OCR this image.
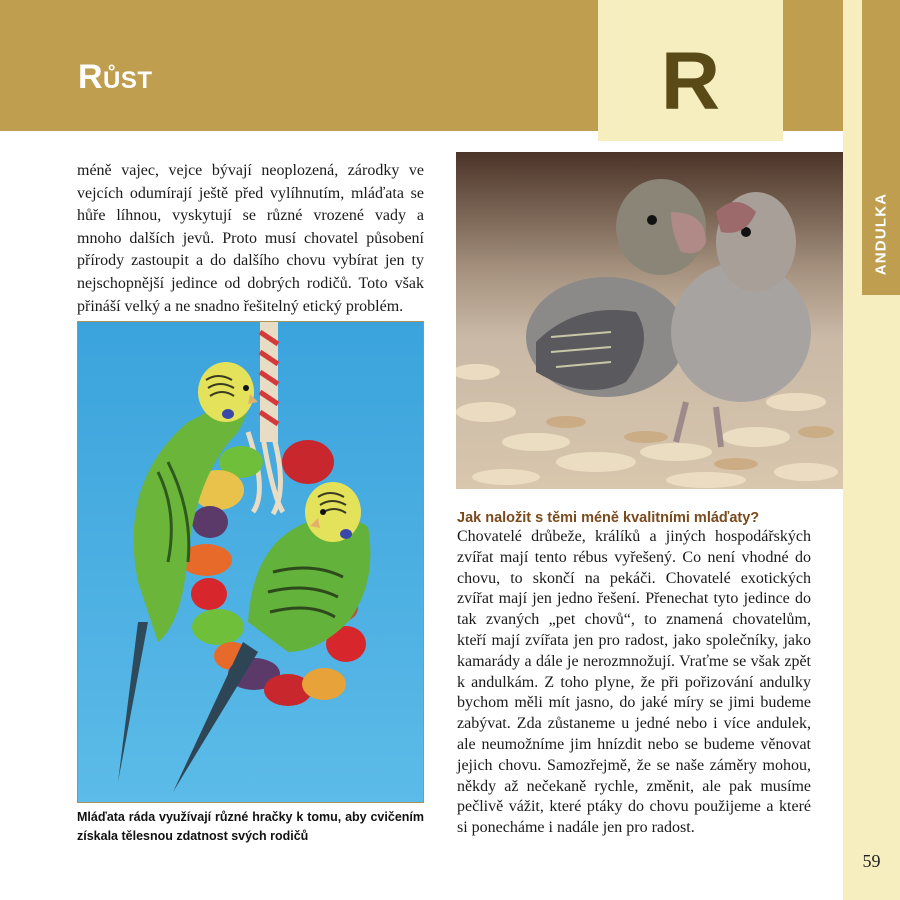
Růst	R
ANDULKA
59

méně vajec, vejce bývají neoplozená, zárodky ve vejcích odumírají ještě před vylíhnutím, mláďata se hůře líhnou, vyskytují se různé vrozené vady a mnoho dalších jevů. Proto musí chovatel působení přírody zastoupit a do dalšího chovu vybírat jen ty nejschopnější jedince od dobrých rodičů. Toto však přináší velký a ne snadno řešitelný etický problém.

Mláďata ráda využívají různé hračky k tomu, aby cvičením získala tělesnou zdatnost svých rodičů

Jak naložit s těmi méně kvalitními mláďaty?

Chovatelé drůbeže, králíků a jiných hospodářských zvířat mají tento rébus vyřešený. Co není vhodné do chovu, to skončí na pekáči. Chovatelé exotických zvířat mají jen jedno řešení. Přenechat tyto jedince do tak zvaných „pet chovů“, to znamená chovatelům, kteří mají zvířata jen pro radost, jako společníky, jako kamarády a dále je nerozmnožují. Vraťme se však zpět k andulkám. Z toho plyne, že při pořizování andulky bychom měli mít jasno, do jaké míry se jimi budeme zabývat. Zda zůstaneme u jedné nebo i více andulek, ale neumožníme jim hnízdit nebo se budeme věnovat jejich chovu. Samozřejmě, že se naše záměry mohou, někdy až nečekaně rychle, změnit, ale pak musíme pečlivě vážit, které ptáky do chovu použijeme a které si ponecháme i nadále jen pro radost.
